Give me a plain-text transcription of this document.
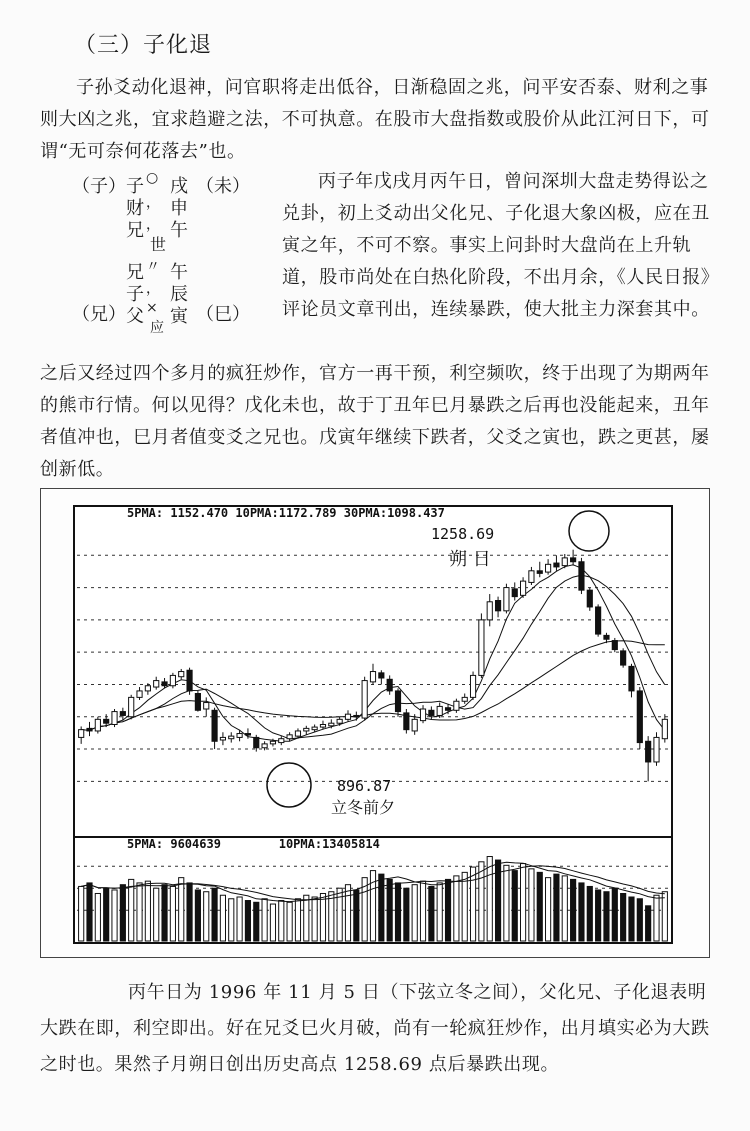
（三）子化退

子孙爻动化退神，问官职将走出低谷，日渐稳固之兆，问平安否泰、财利之事则大凶之兆，宜求趋避之法，不可执意。在股市大盘指数或股价从此江河日下，可谓“无可奈何花落去”也。

（子）
（兄）
（未）
（巳）
子 ○ 戌
财 ， 申
兄 ， 午
兄 〃 午
子 ， 辰
父 × 寅
世
应

丙子年戊戌月丙午日，曾问深圳大盘走势得讼之兑卦，初上爻动出父化兄、子化退大象凶极，应在丑寅之年，不可不察。事实上问卦时大盘尚在上升轨道，股市尚处在白热化阶段，不出月余，《人民日报》评论员文章刊出，连续暴跌，使大批主力深套其中。

之后又经过四个多月的疯狂炒作，官方一再干预，利空频吹，终于出现了为期两年的熊市行情。何以见得？戊化未也，故于丁丑年巳月暴跌之后再也没能起来，丑年者值冲也，巳月者值变爻之兄也。戊寅年继续下跌者，父爻之寅也，跌之更甚，屡创新低。

5PMA: 1152.470 10PMA:1172.789 30PMA:1098.437
5PMA: 9604639        10PMA:13405814
1258.69
朔 日
896.87
立冬前夕

丙午日为 1996 年 11 月 5 日（下弦立冬之间），父化兄、子化退表明大跌在即，利空即出。好在兄爻巳火月破，尚有一轮疯狂炒作，出月填实必为大跌之时也。果然子月朔日创出历史高点 1258.69 点后暴跌出现。
